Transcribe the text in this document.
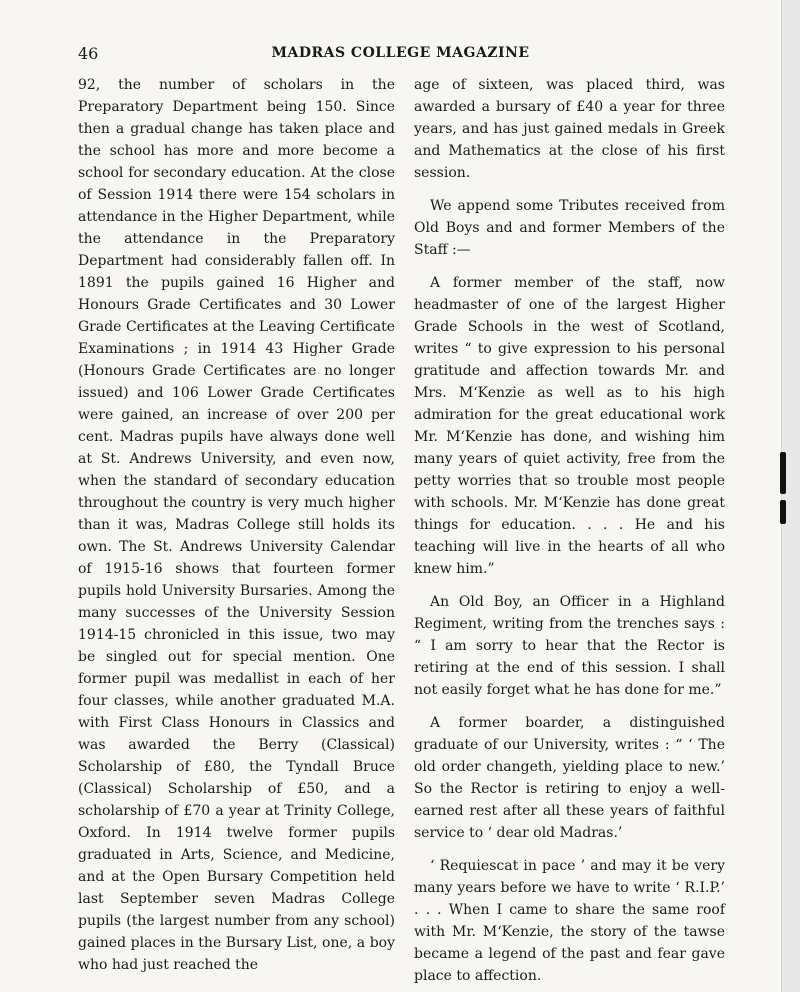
46	MADRAS COLLEGE MAGAZINE

92, the number of scholars in the Preparatory Department being 150. Since then a gradual change has taken place and the school has more and more become a school for secondary education. At the close of Session 1914 there were 154 scholars in attendance in the Higher Department, while the attendance in the Preparatory Department had considerably fallen off. In 1891 the pupils gained 16 Higher and Honours Grade Certificates and 30 Lower Grade Certificates at the Leaving Certificate Examinations ; in 1914 43 Higher Grade (Honours Grade Certificates are no longer issued) and 106 Lower Grade Certificates were gained, an increase of over 200 per cent. Madras pupils have always done well at St. Andrews University, and even now, when the standard of secondary education throughout the country is very much higher than it was, Madras College still holds its own. The St. Andrews University Calendar of 1915-16 shows that fourteen former pupils hold University Bursaries. Among the many successes of the University Session 1914-15 chronicled in this issue, two may be singled out for special mention. One former pupil was medallist in each of her four classes, while another graduated M.A. with First Class Honours in Classics and was awarded the Berry (Classical) Scholarship of £80, the Tyndall Bruce (Classical) Scholarship of £50, and a scholarship of £70 a year at Trinity College, Oxford. In 1914 twelve former pupils graduated in Arts, Science, and Medicine, and at the Open Bursary Competition held last September seven Madras College pupils (the largest number from any school) gained places in the Bursary List, one, a boy who had just reached the

age of sixteen, was placed third, was awarded a bursary of £40 a year for three years, and has just gained medals in Greek and Mathematics at the close of his first session.

We append some Tributes received from Old Boys and and former Members of the Staff :—

A former member of the staff, now headmaster of one of the largest Higher Grade Schools in the west of Scotland, writes “ to give expression to his personal gratitude and affection towards Mr. and Mrs. M‘Kenzie as well as to his high admiration for the great educational work Mr. M‘Kenzie has done, and wishing him many years of quiet activity, free from the petty worries that so trouble most people with schools. Mr. M‘Kenzie has done great things for education. . . . He and his teaching will live in the hearts of all who knew him.”

An Old Boy, an Officer in a Highland Regiment, writing from the trenches says : “ I am sorry to hear that the Rector is retiring at the end of this session. I shall not easily forget what he has done for me.”

A former boarder, a distinguished graduate of our University, writes : “ ‘ The old order changeth, yielding place to new.’ So the Rector is retiring to enjoy a well-earned rest after all these years of faithful service to ‘ dear old Madras.’

‘ Requiescat in pace ’ and may it be very many years before we have to write ‘ R.I.P.’ . . . When I came to share the same roof with Mr. M‘Kenzie, the story of the tawse became a legend of the past and fear gave place to affection.
